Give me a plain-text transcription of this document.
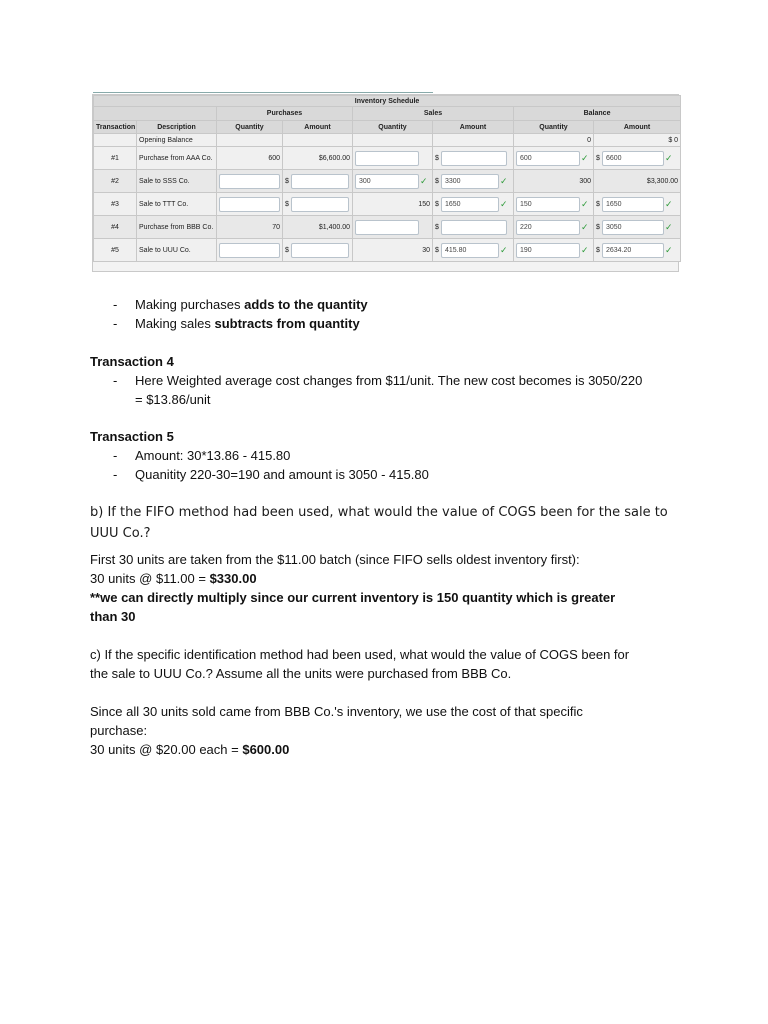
Inventory Schedule							
		Purchases		Sales		Balance	
Transaction	Description	Quantity	Amount	Quantity	Amount	Quantity	Amount
	Opening Balance					0	$ 0
#1	Purchase from AAA Co.	600	$6,600.00		$	600 ✓	$ 6600 ✓

#2	Sale to SSS Co.		$	300 ✓	$ 3300 ✓	300	$3,300.00
#3	Sale to TTT Co.		$	150	$ 1650 ✓	150 ✓	$ 1650 ✓

#4	Purchase from BBB Co.	70	$1,400.00		$	220 ✓	$ 3050 ✓

#5	Sale to UUU Co.		$	30	$ 415.80 ✓	190 ✓	$ 2634.20 ✓
- Making purchases adds to the quantity
- Making sales subtracts from quantity
Transaction 4
- Here Weighted average cost changes from $11/unit. The new cost becomes is 3050/220
= $13.86/unit
Transaction 5
- Amount: 30*13.86 - 415.80
- Quanitity 220-30=190 and amount is 3050 - 415.80
b) If the FIFO method had been used, what would the value of COGS been for the sale to
UUU Co.?
First 30 units are taken from the $11.00 batch (since FIFO sells oldest inventory first):
30 units @ $11.00 = $330.00
**we can directly multiply since our current inventory is 150 quantity which is greater
than 30
c) If the specific identification method had been used, what would the value of COGS been for
the sale to UUU Co.? Assume all the units were purchased from BBB Co.
Since all 30 units sold came from BBB Co.'s inventory, we use the cost of that specific
purchase:
30 units @ $20.00 each = $600.00
